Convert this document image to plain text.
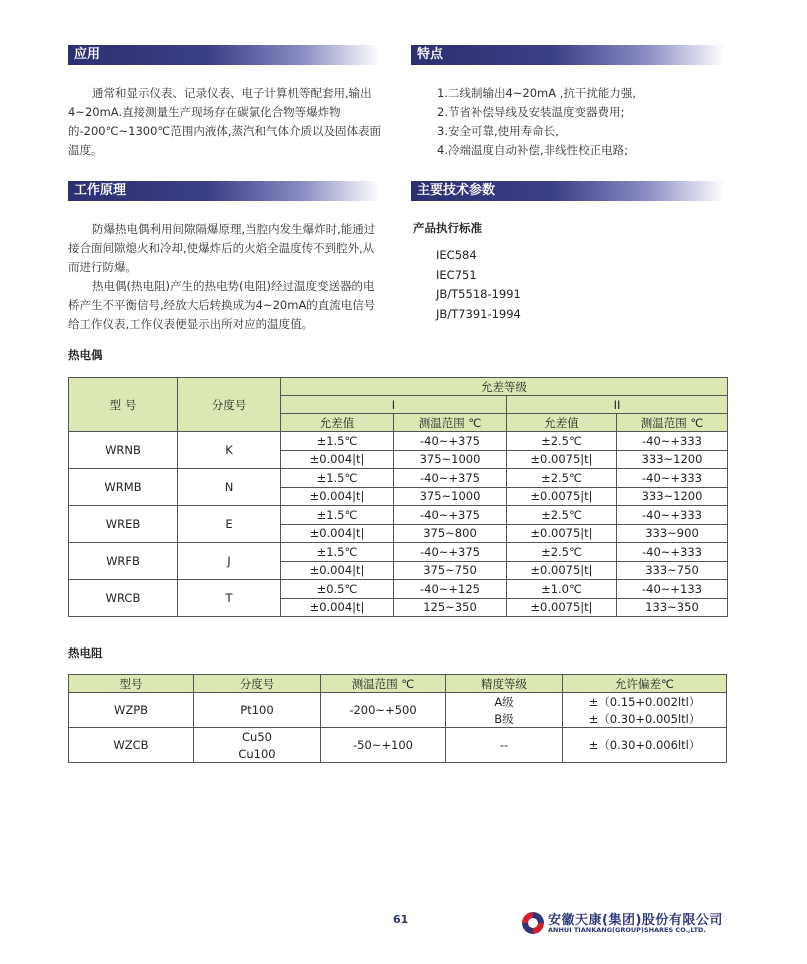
应用

通常和显示仪表、记录仪表、电子计算机等配套用,输出4~20mA.直接测量生产现场存在碳氯化合物等爆炸物的-200℃~1300℃范围内液体,蒸汽和气体介质以及固体表面温度。

特点
1.二线制输出4~20mA ,抗干扰能力强,
2.节省补偿导线及安装温度变器费用;
3.安全可靠,使用寿命长,
4.冷端温度自动补偿,非线性校正电路;
工作原理

防爆热电偶利用间隙隔爆原理,当腔内发生爆炸时,能通过接合面间隙熄火和冷却,使爆炸后的火焰全温度传不到腔外,从而进行防爆。

热电偶(热电阻)产生的热电势(电阻)经过温度变送器的电桥产生不平衡信号,经放大后转换成为4~20mA的直流电信号给工作仪表,工作仪表便显示出所对应的温度值。

主要技术参数
产品执行标准
IEC584
IEC751
JB/T5518-1991
JB/T7391-1994
热电偶
型 号	分度号	允差等级			
		I		II	
		允差值	测温范围 ℃	允差值	测温范围 ℃
WRNB	K	±1.5℃	-40~+375	±2.5℃	-40~+333
		±0.004|t|	375~1000	±0.0075|t|	333~1200
WRMB	N	±1.5℃	-40~+375	±2.5℃	-40~+333
		±0.004|t|	375~1000	±0.0075|t|	333~1200
WREB	E	±1.5℃	-40~+375	±2.5℃	-40~+333
		±0.004|t|	375~800	±0.0075|t|	333~900
WRFB	J	±1.5℃	-40~+375	±2.5℃	-40~+333
		±0.004|t|	375~750	±0.0075|t|	333~750
WRCB	T	±0.5℃	-40~+125	±1.0℃	-40~+133
		±0.004|t|	125~350	±0.0075|t|	133~350
热电阻
型号	分度号	测温范围 ℃	精度等级	允许偏差℃
WZPB	Pt100	-200~+500	A级	±（0.15+0.002ltl）
			B级	±（0.30+0.005ltl）
WZCB	Cu50	-50~+100	--	±（0.30+0.006ltl）
	Cu100			
61	安徽天康(集团)股份有限公司
ANHUI TIANKANG(GROUP)SHARES CO.,LTD.
